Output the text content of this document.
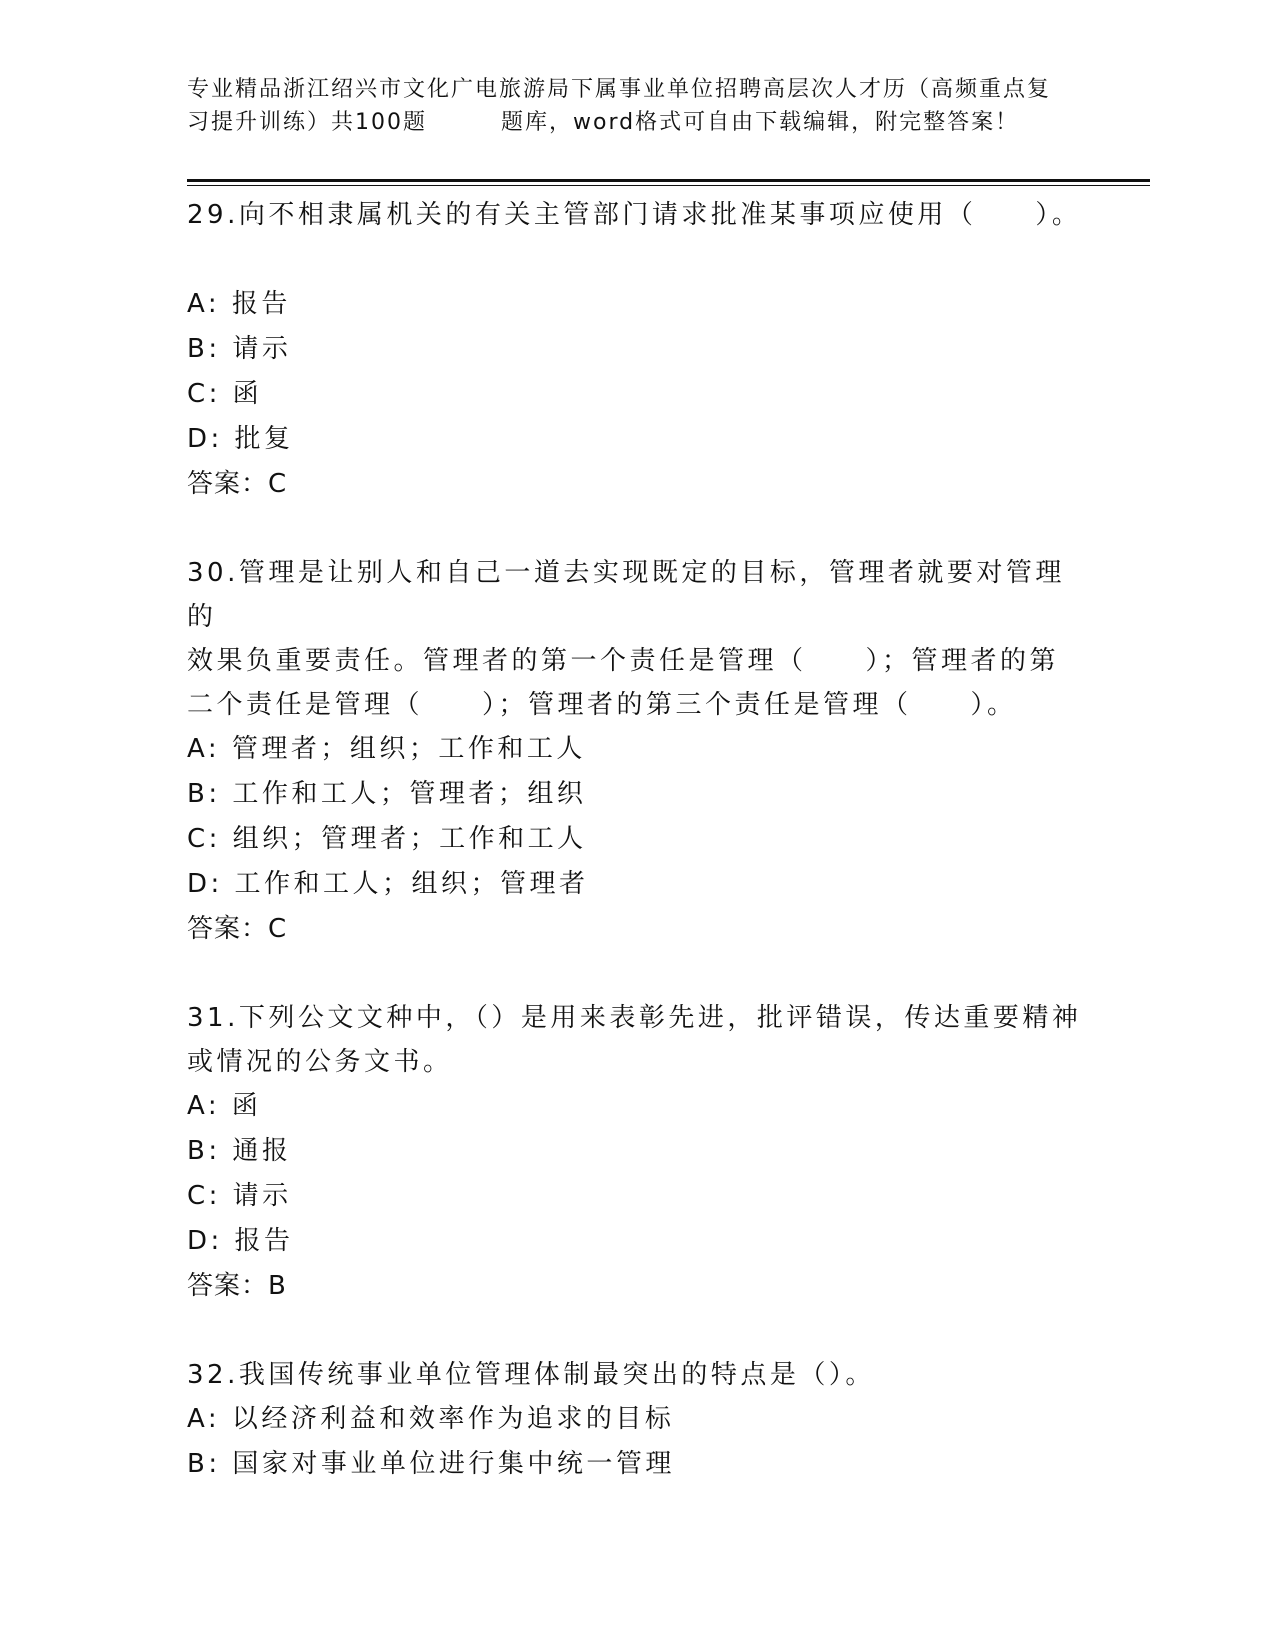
专业精品浙江绍兴市文化广电旅游局下属事业单位招聘高层次人才历（高频重点复
习提升训练）共100题	题库，word格式可自由下载编辑，附完整答案！

29.向不相隶属机关的有关主管部门请求批准某事项应使用（　　）。

A: 报告

B: 请示

C: 函

D: 批复

答案：C

30.管理是让别人和自己一道去实现既定的目标，管理者就要对管理的

效果负重要责任。管理者的第一个责任是管理（　　）；管理者的第

二个责任是管理（　　）；管理者的第三个责任是管理（　　）。

A: 管理者；组织；工作和工人

B: 工作和工人；管理者；组织

C: 组织；管理者；工作和工人

D: 工作和工人；组织；管理者

答案：C

31.下列公文文种中，（）是用来表彰先进，批评错误，传达重要精神

或情况的公务文书。

A: 函

B: 通报

C: 请示

D: 报告

答案：B

32.我国传统事业单位管理体制最突出的特点是（）。

A: 以经济利益和效率作为追求的目标

B: 国家对事业单位进行集中统一管理
